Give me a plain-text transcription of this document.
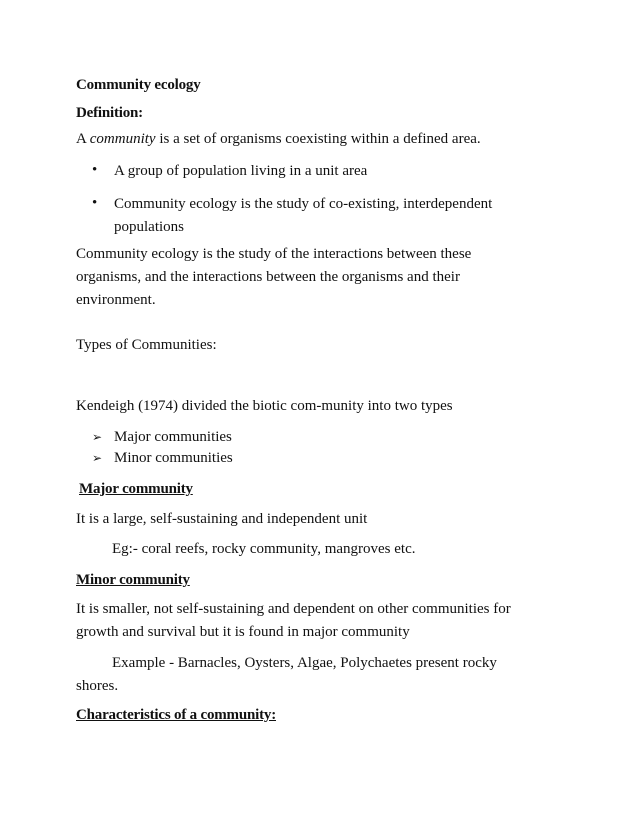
Community ecology
Definition:
A community is a set of organisms coexisting within a defined area.
• A group of population living in a unit area
• Community ecology is the study of co-existing, interdependent
populations
Community ecology is the study of the interactions between these
organisms, and the interactions between the organisms and their
environment.
Types of Communities:
Kendeigh (1974) divided the biotic com-munity into two types
➢ Major communities
➢ Minor communities
Major community
It is a large, self-sustaining and independent unit
Eg:- coral reefs, rocky community, mangroves etc.
Minor community
It is smaller, not self-sustaining and dependent on other communities for
growth and survival but it is found in major community
Example - Barnacles, Oysters, Algae, Polychaetes present rocky
shores.
Characteristics of a community:
